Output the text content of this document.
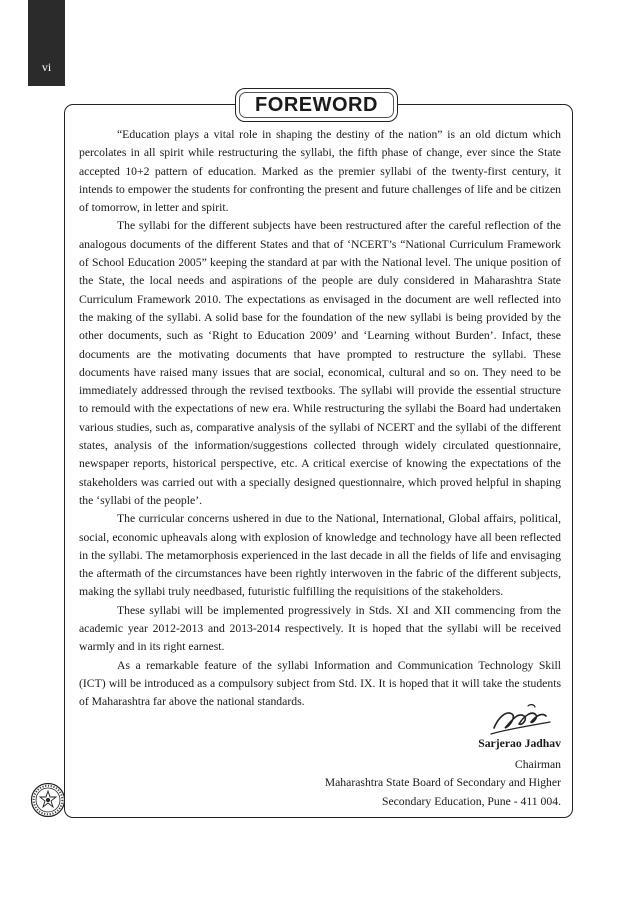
vi
FOREWORD

“Education plays a vital role in shaping the destiny of the nation” is an old dictum which percolates in all spirit while restructuring the syllabi, the fifth phase of change, ever since the State accepted 10+2 pattern of education. Marked as the premier syllabi of the twenty-first century, it intends to empower the students for confronting the present and future challenges of life and be citizen of tomorrow, in letter and spirit.

The syllabi for the different subjects have been restructured after the careful reflection of the analogous documents of the different States and that of ‘NCERT’s “National Curriculum Framework of School Education 2005” keeping the standard at par with the National level. The unique position of the State, the local needs and aspirations of the people are duly considered in Maharashtra State Curriculum Framework 2010. The expectations as envisaged in the document are well reflected into the making of the syllabi. A solid base for the foundation of the new syllabi is being provided by the other documents, such as ‘Right to Education 2009’ and ‘Learning without Burden’. Infact, these documents are the motivating documents that have prompted to restructure the syllabi. These documents have raised many issues that are social, economical, cultural and so on. They need to be immediately addressed through the revised textbooks. The syllabi will provide the essential structure to remould with the expectations of new era. While restructuring the syllabi the Board had undertaken various studies, such as, comparative analysis of the syllabi of NCERT and the syllabi of the different states, analysis of the information/suggestions collected through widely circulated questionnaire, newspaper reports, historical perspective, etc. A critical exercise of knowing the expectations of the stakeholders was carried out with a specially designed questionnaire, which proved helpful in shaping the ‘syllabi of the people’.

The curricular concerns ushered in due to the National, International, Global affairs, political, social, economic upheavals along with explosion of knowledge and technology have all been reflected in the syllabi. The metamorphosis experienced in the last decade in all the fields of life and envisaging the aftermath of the circumstances have been rightly interwoven in the fabric of the different subjects, making the syllabi truly needbased, futuristic fulfilling the requisitions of the stakeholders.

These syllabi will be implemented progressively in Stds. XI and XII commencing from the academic year 2012-2013 and 2013-2014 respectively. It is hoped that the syllabi will be received warmly and in its right earnest.

As a remarkable feature of the syllabi Information and Communication Technology Skill (ICT) will be introduced as a compulsory subject from Std. IX. It is hoped that it will take the students of Maharashtra far above the national standards.

Sarjerao Jadhav
Chairman
Maharashtra State Board of Secondary and Higher
Secondary Education, Pune - 411 004.
